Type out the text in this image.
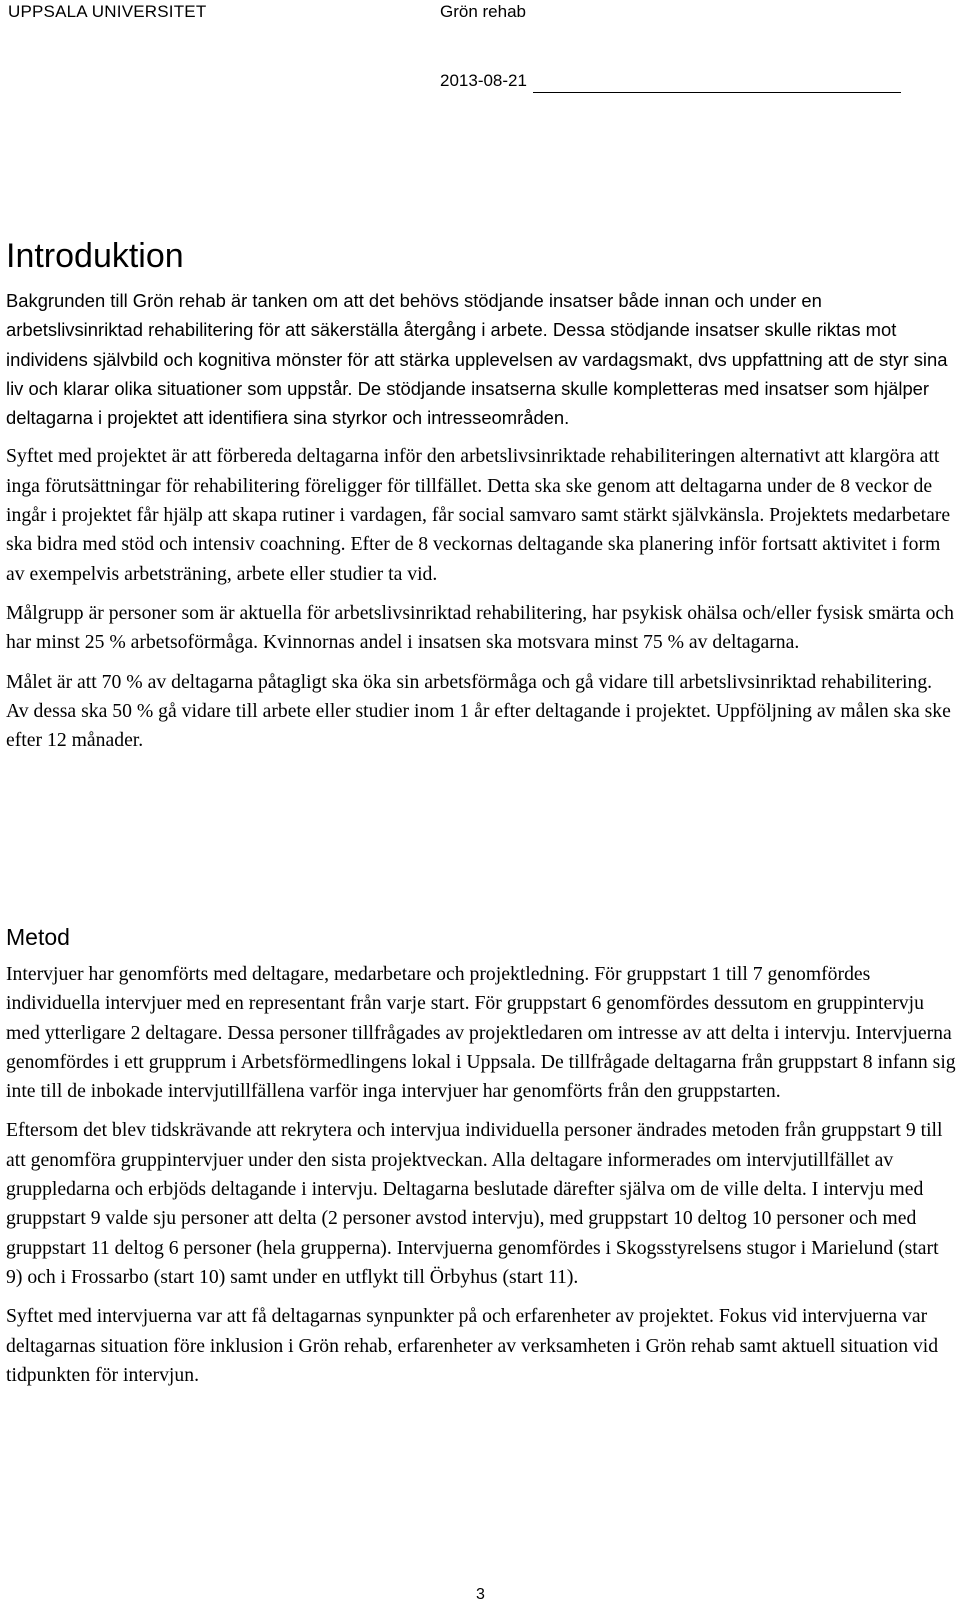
UPPSALA UNIVERSITET	Grön rehab
2013-08-21
Introduktion

Bakgrunden till Grön rehab är tanken om att det behövs stödjande insatser både innan och under en arbetslivsinriktad rehabilitering för att säkerställa återgång i arbete. Dessa stödjande insatser skulle riktas mot individens självbild och kognitiva mönster för att stärka upplevelsen av vardagsmakt, dvs uppfattning att de styr sina liv och klarar olika situationer som uppstår. De stödjande insatserna skulle kompletteras med insatser som hjälper deltagarna i projektet att identifiera sina styrkor och intresseområden.

Syftet med projektet är att förbereda deltagarna inför den arbetslivsinriktade rehabiliteringen alternativt att klargöra att inga förutsättningar för rehabilitering föreligger för tillfället. Detta ska ske genom att deltagarna under de 8 veckor de ingår i projektet får hjälp att skapa rutiner i vardagen, får social samvaro samt stärkt självkänsla. Projektets medarbetare ska bidra med stöd och intensiv coachning. Efter de 8 veckornas deltagande ska planering inför fortsatt aktivitet i form av exempelvis arbetsträning, arbete eller studier ta vid.

Målgrupp är personer som är aktuella för arbetslivsinriktad rehabilitering, har psykisk ohälsa och/eller fysisk smärta och har minst 25 % arbetsoförmåga. Kvinnornas andel i insatsen ska motsvara minst 75 % av deltagarna.

Målet är att 70 % av deltagarna påtagligt ska öka sin arbetsförmåga och gå vidare till arbetslivsinriktad rehabilitering. Av dessa ska 50 % gå vidare till arbete eller studier inom 1 år efter deltagande i projektet. Uppföljning av målen ska ske efter 12 månader.

Metod

Intervjuer har genomförts med deltagare, medarbetare och projektledning. För gruppstart 1 till 7 genomfördes individuella intervjuer med en representant från varje start. För gruppstart 6 genomfördes dessutom en gruppintervju med ytterligare 2 deltagare. Dessa personer tillfrågades av projektledaren om intresse av att delta i intervju. Intervjuerna genomfördes i ett grupprum i Arbetsförmedlingens lokal i Uppsala. De tillfrågade deltagarna från gruppstart 8 infann sig inte till de inbokade intervjutillfällena varför inga intervjuer har genomförts från den gruppstarten.

Eftersom det blev tidskrävande att rekrytera och intervjua individuella personer ändrades metoden från gruppstart 9 till att genomföra gruppintervjuer under den sista projektveckan. Alla deltagare informerades om intervjutillfället av gruppledarna och erbjöds deltagande i intervju. Deltagarna beslutade därefter själva om de ville delta. I intervju med gruppstart 9 valde sju personer att delta (2 personer avstod intervju), med gruppstart 10 deltog 10 personer och med gruppstart 11 deltog 6 personer (hela grupperna). Intervjuerna genomfördes i Skogsstyrelsens stugor i Marielund (start 9) och i Frossarbo (start 10) samt under en utflykt till Örbyhus (start 11).

Syftet med intervjuerna var att få deltagarnas synpunkter på och erfarenheter av projektet. Fokus vid intervjuerna var deltagarnas situation före inklusion i Grön rehab, erfarenheter av verksamheten i Grön rehab samt aktuell situation vid tidpunkten för intervjun.

3
